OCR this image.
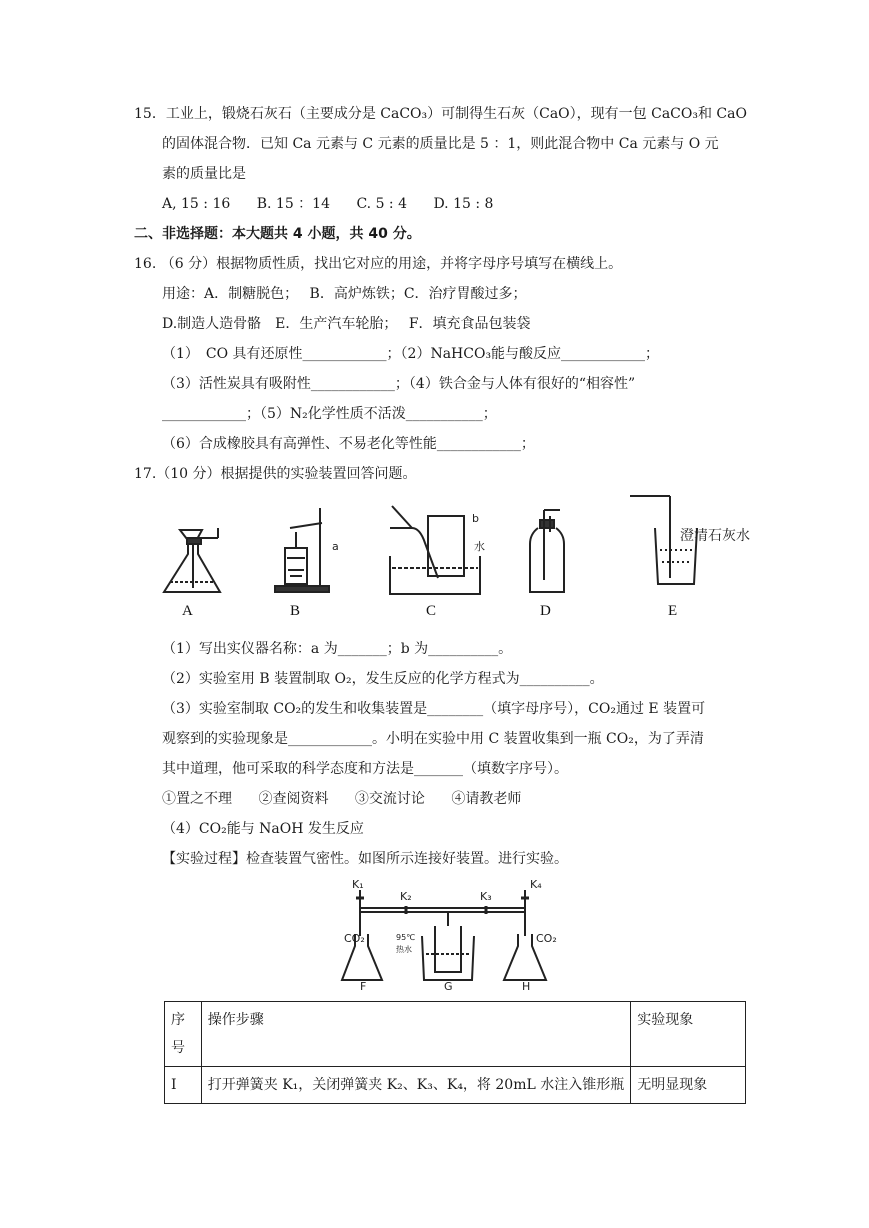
15．工业上，锻烧石灰石（主要成分是 CaCO₃）可制得生石灰（CaO），现有一包 CaCO₃和 CaO
的固体混合物．已知 Ca 元素与 C 元素的质量比是 5 ：1，则此混合物中 Ca 元素与 O 元
素的质量比是
A, 15 : 16 B. 15 ：14 C. 5 : 4 D. 15 : 8
二、非选择题：本大题共 4 小题，共 40 分。
16. （6 分）根据物质性质，找出它对应的用途，并将字母序号填写在横线上。
用途：A．制糖脱色；　 B．高炉炼铁；C．治疗胃酸过多；
D.制造人造骨骼　E．生产汽车轮胎；　 F．填充食品包装袋
（1）　CO 具有还原性____________；（2）NaHCO₃能与酸反应____________；
（3）活性炭具有吸附性____________；（4）铁合金与人体有很好的“相容性”
____________；（5）N₂化学性质不活泼___________；
（6）合成橡胶具有高弹性、不易老化等性能____________；
17.（10 分）根据提供的实验装置回答问题。
A
a
B
b
水
C	D
澄清石灰水
E
（1）写出实仪器名称：a 为_______；b 为__________。
（2）实验室用 B 装置制取 O₂，发生反应的化学方程式为__________。
（3）实验室制取 CO₂的发生和收集装置是________（填字母序号），CO₂通过 E 装置可
观察到的实验现象是____________。小明在实验中用 C 装置收集到一瓶 CO₂，为了弄清
其中道理，他可采取的科学态度和方法是_______（填数字序号）。
①置之不理 ②查阅资料 ③交流讨论 ④请教老师
（4）CO₂能与 NaOH 发生反应
【实验过程】检查装置气密性。如图所示连接好装置。进行实验。
K₁
K₂	K₃
K₄
CO₂	CO₂
95℃
热水
F	G	H
序号	操作步骤	实验现象
I	打开弹簧夹 K₁，关闭弹簧夹 K₂、K₃、K₄，将 20mL 水注入锥形瓶	无明显现象
